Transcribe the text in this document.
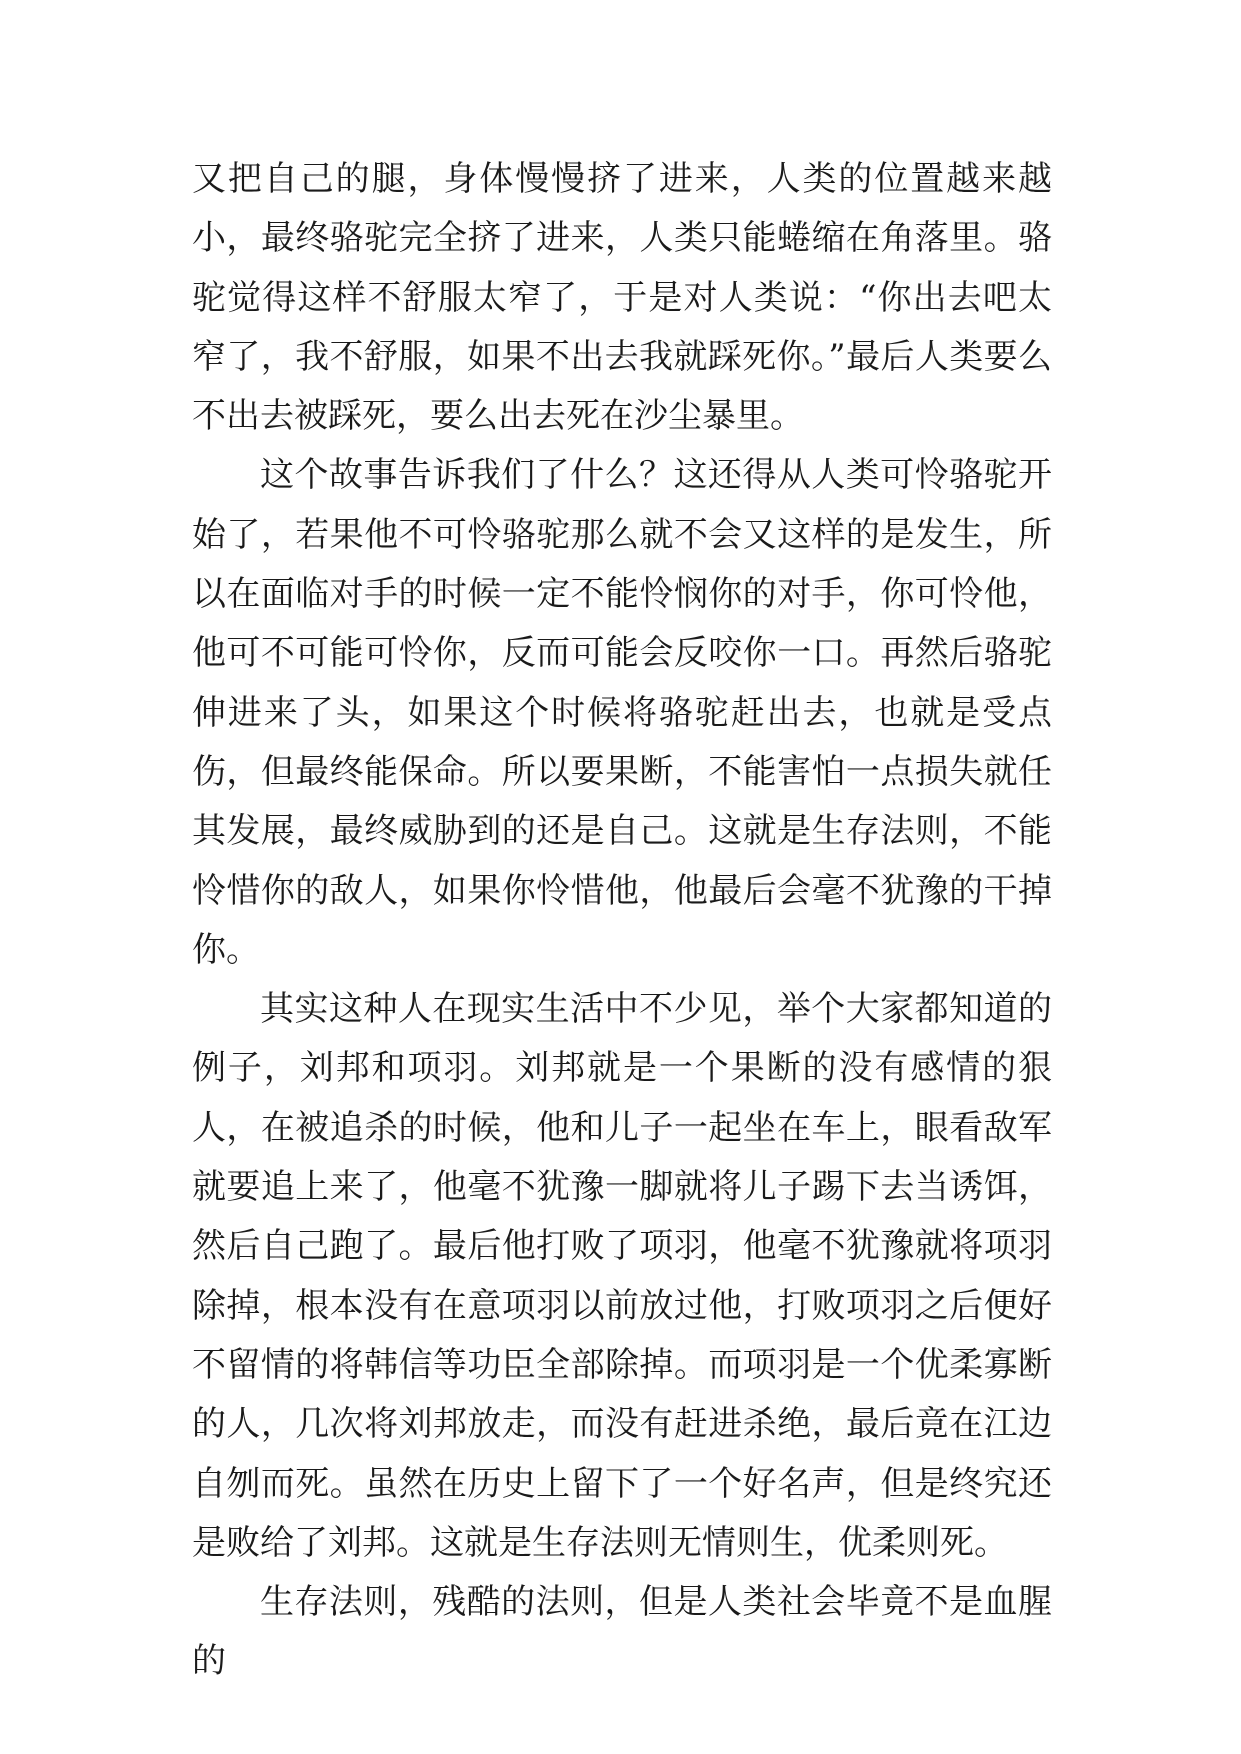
又把自己的腿，身体慢慢挤了进来，人类的位置越来越小，最终骆驼完全挤了进来，人类只能蜷缩在角落里。骆驼觉得这样不舒服太窄了，于是对人类说：“你出去吧太窄了，我不舒服，如果不出去我就踩死你。”最后人类要么不出去被踩死，要么出去死在沙尘暴里。

这个故事告诉我们了什么？这还得从人类可怜骆驼开始了，若果他不可怜骆驼那么就不会又这样的是发生，所以在面临对手的时候一定不能怜悯你的对手，你可怜他，他可不可能可怜你，反而可能会反咬你一口。再然后骆驼伸进来了头，如果这个时候将骆驼赶出去，也就是受点伤，但最终能保命。所以要果断，不能害怕一点损失就任其发展，最终威胁到的还是自己。这就是生存法则，不能怜惜你的敌人，如果你怜惜他，他最后会毫不犹豫的干掉你。

其实这种人在现实生活中不少见，举个大家都知道的例子，刘邦和项羽。刘邦就是一个果断的没有感情的狠人，在被追杀的时候，他和儿子一起坐在车上，眼看敌军就要追上来了，他毫不犹豫一脚就将儿子踢下去当诱饵，然后自己跑了。最后他打败了项羽，他毫不犹豫就将项羽除掉，根本没有在意项羽以前放过他，打败项羽之后便好不留情的将韩信等功臣全部除掉。而项羽是一个优柔寡断的人，几次将刘邦放走，而没有赶进杀绝，最后竟在江边自刎而死。虽然在历史上留下了一个好名声，但是终究还是败给了刘邦。这就是生存法则无情则生，优柔则死。

生存法则，残酷的法则，但是人类社会毕竟不是血腥的
